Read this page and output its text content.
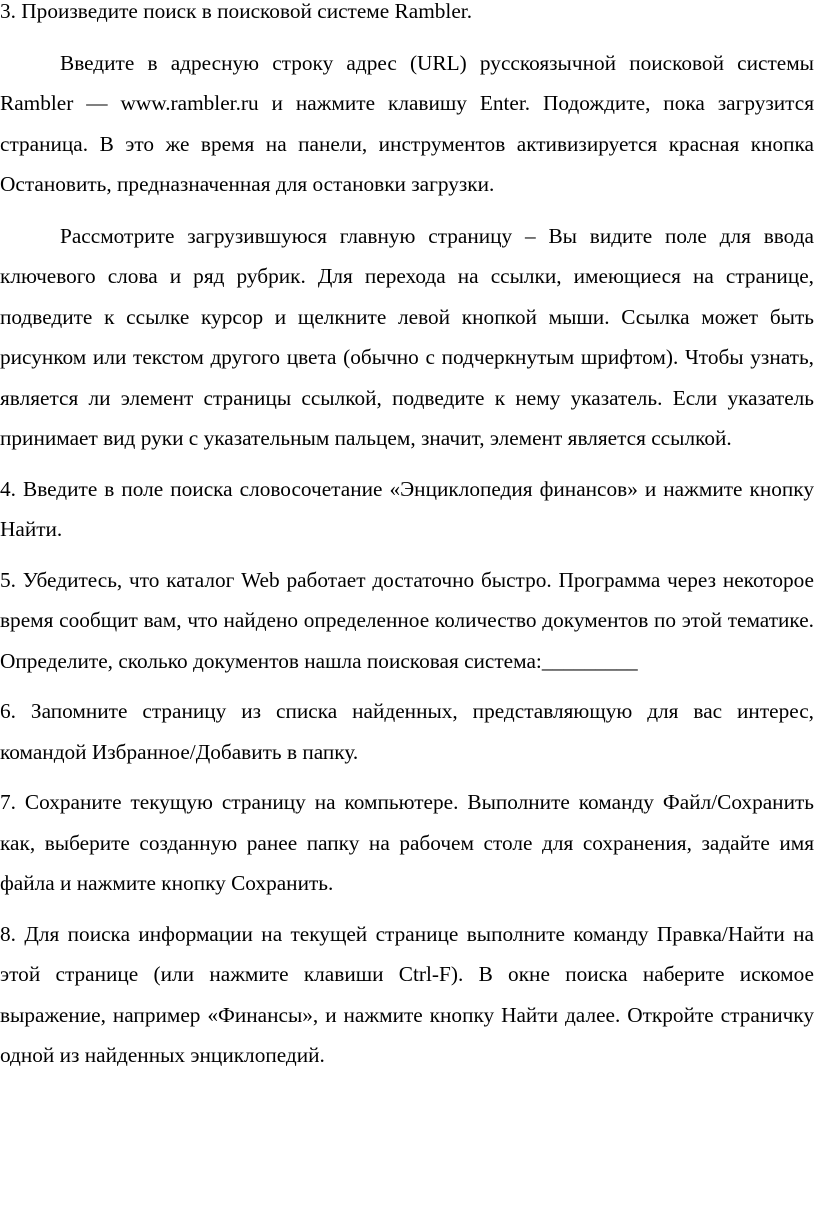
3. Произведите поиск в поисковой системе Rambler.

Введите в адресную строку адрес (URL) русскоязычной поисковой системы Rambler — www.rambler.ru и нажмите клавишу Enter. Подождите, пока загрузится страница. В это же время на панели, инструментов активизируется красная кнопка Остановить, предназначенная для остановки загрузки.

Рассмотрите загрузившуюся главную страницу – Вы видите поле для ввода ключевого слова и ряд рубрик. Для перехода на ссылки, имеющиеся на странице, подведите к ссылке курсор и щелкните левой кнопкой мыши. Ссылка может быть рисунком или текстом другого цвета (обычно с подчеркнутым шрифтом). Чтобы узнать, является ли элемент страницы ссылкой, подведите к нему указатель. Если указатель принимает вид руки с указательным пальцем, значит, элемент является ссылкой.

4. Введите в поле поиска словосочетание «Энциклопедия финансов» и нажмите кнопку Найти.

5. Убедитесь, что каталог Web работает достаточно быстро. Программа через некоторое время сообщит вам, что найдено определенное количество документов по этой тематике. Определите, сколько документов нашла поисковая система:_________

6. Запомните страницу из списка найденных, представляющую для вас интерес, командой Избранное/Добавить в папку.

7. Сохраните текущую страницу на компьютере. Выполните команду Файл/Сохранить как, выберите созданную ранее папку на рабочем столе для сохранения, задайте имя файла и нажмите кнопку Сохранить.

8. Для поиска информации на текущей странице выполните команду Правка/Найти на этой странице (или нажмите клавиши Ctrl-F). В окне поиска наберите искомое выражение, например «Финансы», и нажмите кнопку Найти далее. Откройте страничку одной из найденных энциклопедий.
